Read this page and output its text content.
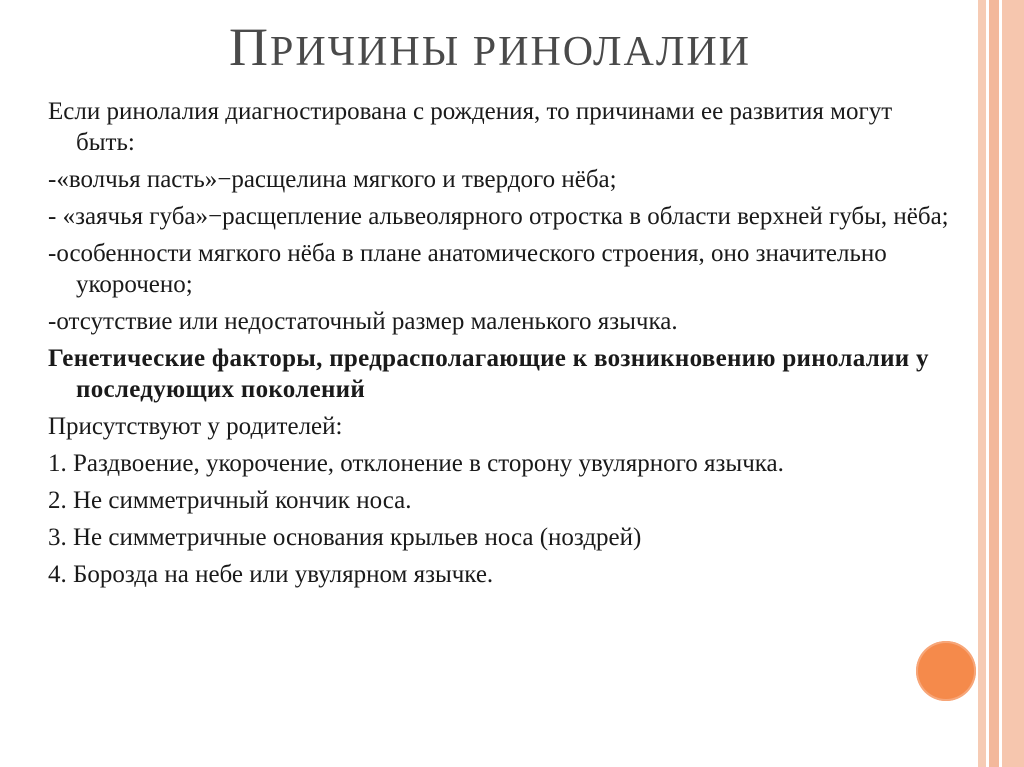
ПРИЧИНЫ РИНОЛАЛИИ

Если ринолалия диагностирована с рождения, то причинами ее развития могут быть:

-«волчья пасть»−расщелина мягкого и твердого нёба;

- «заячья губа»−расщепление альвеолярного отростка в области верхней губы, нёба;

-особенности мягкого нёба в плане анатомического строения, оно значительно укорочено;

-отсутствие или недостаточный размер маленького язычка.

Генетические факторы, предрасполагающие к возникновению ринолалии у последующих поколений

Присутствуют у родителей:

1. Раздвоение, укорочение, отклонение в сторону увулярного язычка.

2. Не симметричный кончик носа.

3. Не симметричные основания крыльев носа (ноздрей)

4. Борозда на небе или увулярном язычке.
